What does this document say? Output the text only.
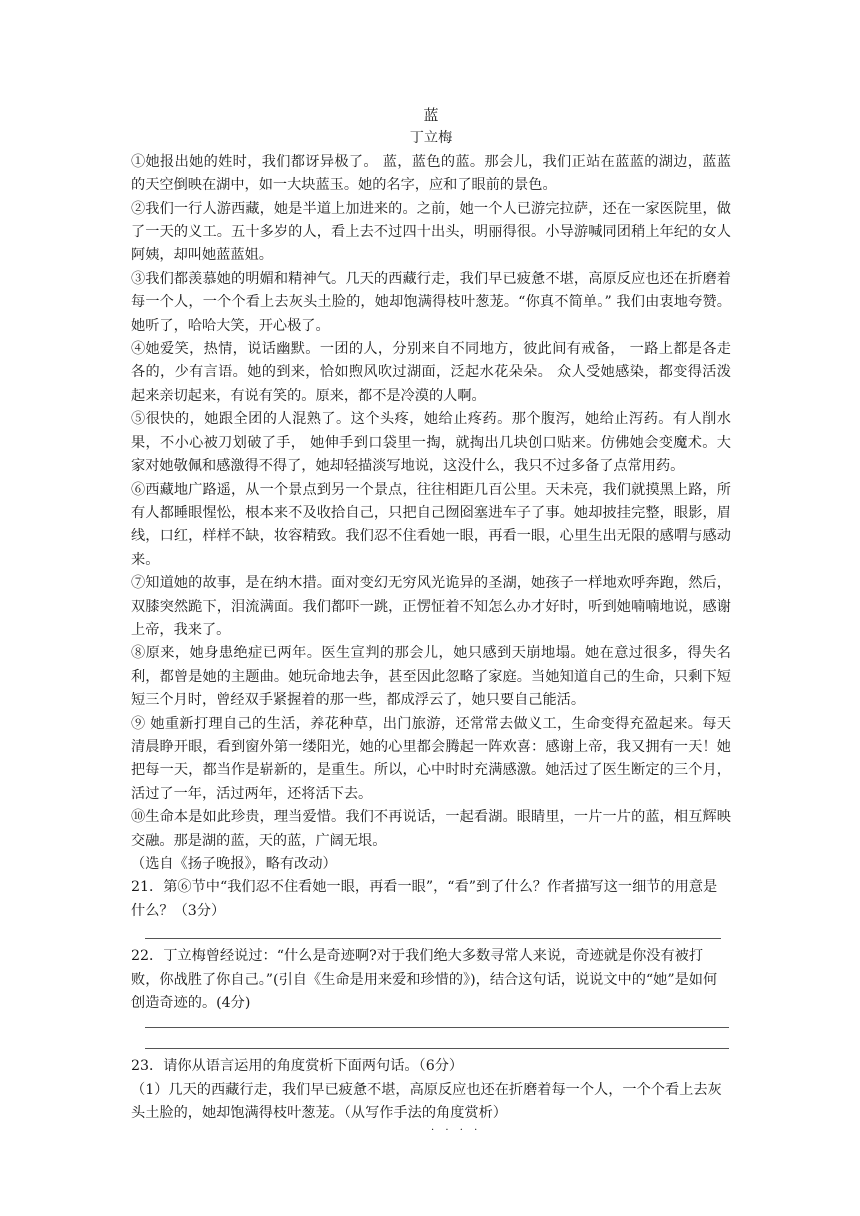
蓝
丁立梅

①她报出她的姓时，我们都讶异极了。 蓝，蓝色的蓝。那会儿，我们正站在蓝蓝的湖边，蓝蓝的天空倒映在湖中，如一大块蓝玉。她的名字，应和了眼前的景色。

②我们一行人游西藏，她是半道上加进来的。之前，她一个人已游完拉萨，还在一家医院里，做了一天的义工。五十多岁的人，看上去不过四十出头，明丽得很。小导游喊同团稍上年纪的女人阿姨，却叫她蓝蓝姐。

③我们都羡慕她的明媚和精神气。几天的西藏行走，我们早已疲惫不堪，高原反应也还在折磨着每一个人，一个个看上去灰头土脸的，她却饱满得枝叶葱茏。“你真不简单。” 我们由衷地夸赞。她听了，哈哈大笑，开心极了。

④她爱笑，热情，说话幽默。一团的人，分别来自不同地方，彼此间有戒备， 一路上都是各走各的，少有言语。她的到来，恰如煦风吹过湖面，泛起水花朵朵。 众人受她感染，都变得活泼起来亲切起来，有说有笑的。原来，都不是冷漠的人啊。

⑤很快的，她跟全团的人混熟了。这个头疼，她给止疼药。那个腹泻，她给止泻药。有人削水果，不小心被刀划破了手， 她伸手到口袋里一掏，就掏出几块创口贴来。仿佛她会变魔术。大家对她敬佩和感激得不得了，她却轻描淡写地说，这没什么，我只不过多备了点常用药。

⑥西藏地广路遥，从一个景点到另一个景点，往往相距几百公里。天未亮，我们就摸黑上路，所有人都睡眼惺忪，根本来不及收拾自己，只把自己囫囵塞进车子了事。她却披挂完整，眼影，眉线，口红，样样不缺，妆容精致。我们忍不住看她一眼，再看一眼，心里生出无限的感喟与感动来。

⑦知道她的故事，是在纳木措。面对变幻无穷风光诡异的圣湖，她孩子一样地欢呼奔跑，然后，双膝突然跪下，泪流满面。我们都吓一跳，正愣怔着不知怎么办才好时，听到她喃喃地说，感谢上帝，我来了。

⑧原来，她身患绝症已两年。医生宣判的那会儿，她只感到天崩地塌。她在意过很多，得失名利，都曾是她的主题曲。她玩命地去争，甚至因此忽略了家庭。当她知道自己的生命，只剩下短短三个月时，曾经双手紧握着的那一些，都成浮云了，她只要自己能活。

⑨ 她重新打理自己的生活，养花种草，出门旅游，还常常去做义工，生命变得充盈起来。每天清晨睁开眼，看到窗外第一缕阳光，她的心里都会腾起一阵欢喜：感谢上帝，我又拥有一天！她把每一天，都当作是崭新的，是重生。所以，心中时时充满感激。她活过了医生断定的三个月， 活过了一年，活过两年，还将活下去。

⑩生命本是如此珍贵，理当爱惜。我们不再说话，一起看湖。眼睛里，一片一片的蓝，相互辉映交融。那是湖的蓝，天的蓝，广阔无垠。

（选自《扬子晚报》，略有改动）

21．第⑥节中“我们忍不住看她一眼，再看一眼”，“看”到了什么？作者描写这一细节的用意是什么？（3分）

22．丁立梅曾经说过：“什么是奇迹啊?对于我们绝大多数寻常人来说，奇迹就是你没有被打败，你战胜了你自己。”(引自《生命是用来爱和珍惜的》)，结合这句话，说说文中的“她”是如何创造奇迹的。(4分)

23．请你从语言运用的角度赏析下面两句话。（6分）

（1）几天的西藏行走，我们早已疲惫不堪，高原反应也还在折磨着每一个人，一个个看上去灰头土脸的，她却饱满得枝叶葱茏。（从写作手法的角度赏析）

· · · ·
